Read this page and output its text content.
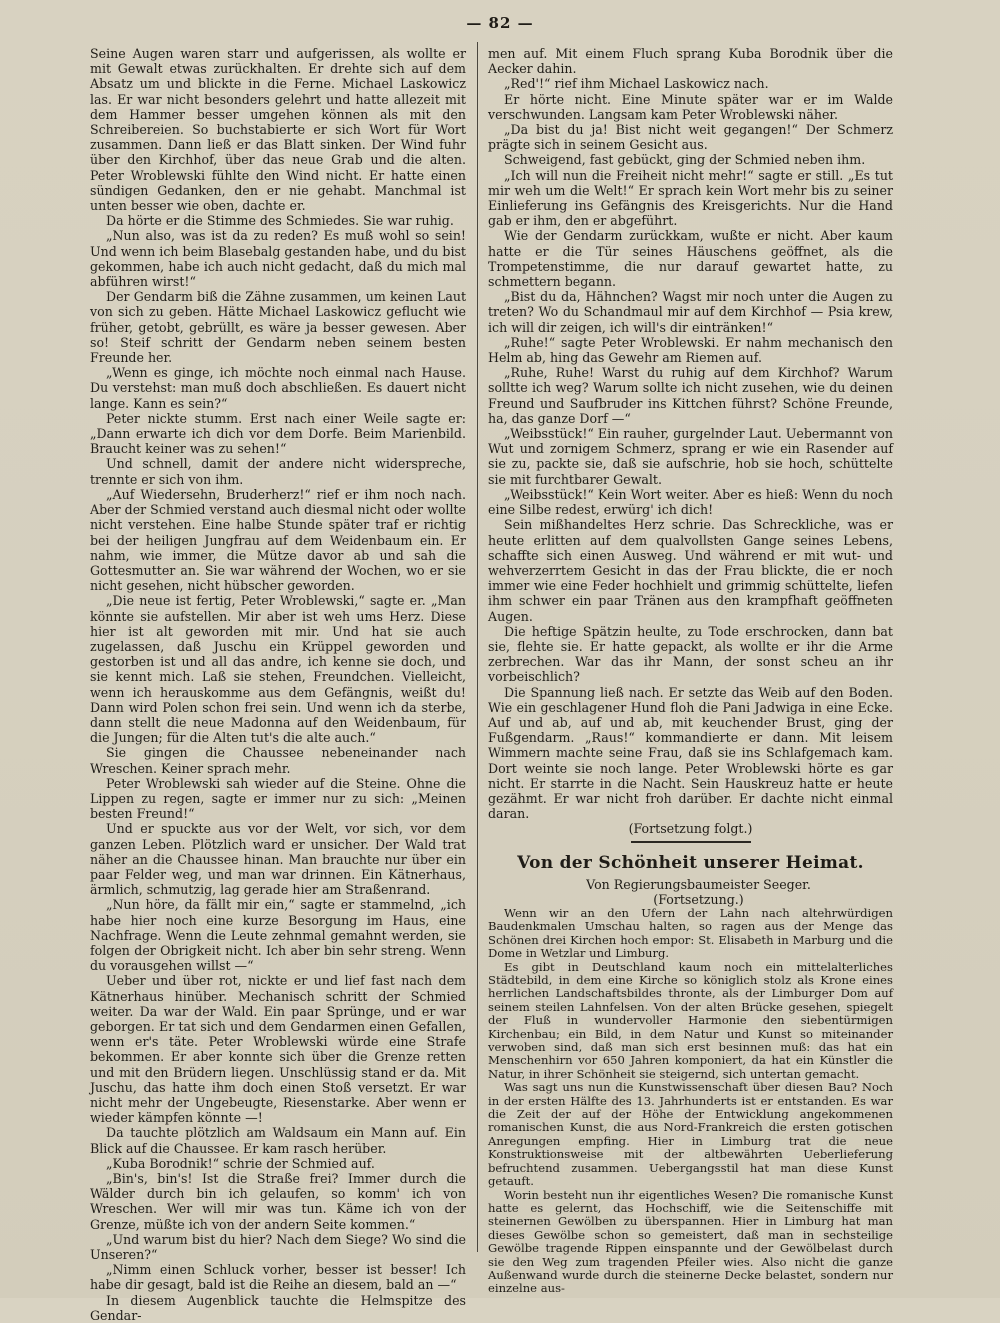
— 82 —

Seine Augen waren starr und aufgerissen, als wollte er mit Gewalt etwas zurückhalten. Er drehte sich auf dem Absatz um und blickte in die Ferne. Michael Laskowicz las. Er war nicht besonders gelehrt und hatte allezeit mit dem Hammer besser umgehen können als mit den Schreibereien. So buchstabierte er sich Wort für Wort zusammen. Dann ließ er das Blatt sinken. Der Wind fuhr über den Kirchhof, über das neue Grab und die alten. Peter Wroblewski fühlte den Wind nicht. Er hatte einen sündigen Gedanken, den er nie gehabt. Manchmal ist unten besser wie oben, dachte er.

Da hörte er die Stimme des Schmiedes. Sie war ruhig.

„Nun also, was ist da zu reden? Es muß wohl so sein! Und wenn ich beim Blasebalg gestanden habe, und du bist gekommen, habe ich auch nicht gedacht, daß du mich mal abführen wirst!“

Der Gendarm biß die Zähne zusammen, um keinen Laut von sich zu geben. Hätte Michael Laskowicz geflucht wie früher, getobt, gebrüllt, es wäre ja besser gewesen. Aber so! Steif schritt der Gendarm neben seinem besten Freunde her.

„Wenn es ginge, ich möchte noch einmal nach Hause. Du verstehst: man muß doch abschließen. Es dauert nicht lange. Kann es sein?“

Peter nickte stumm. Erst nach einer Weile sagte er: „Dann erwarte ich dich vor dem Dorfe. Beim Marienbild. Braucht keiner was zu sehen!“

Und schnell, damit der andere nicht widerspreche, trennte er sich von ihm.

„Auf Wiedersehn, Bruderherz!“ rief er ihm noch nach. Aber der Schmied verstand auch diesmal nicht oder wollte nicht verstehen. Eine halbe Stunde später traf er richtig bei der heiligen Jungfrau auf dem Weidenbaum ein. Er nahm, wie immer, die Mütze davor ab und sah die Gottesmutter an. Sie war während der Wochen, wo er sie nicht gesehen, nicht hübscher geworden.

„Die neue ist fertig, Peter Wroblewski,“ sagte er. „Man könnte sie aufstellen. Mir aber ist weh ums Herz. Diese hier ist alt geworden mit mir. Und hat sie auch zugelassen, daß Juschu ein Krüppel geworden und gestorben ist und all das andre, ich kenne sie doch, und sie kennt mich. Laß sie stehen, Freundchen. Vielleicht, wenn ich herauskomme aus dem Gefängnis, weißt du! Dann wird Polen schon frei sein. Und wenn ich da sterbe, dann stellt die neue Madonna auf den Weidenbaum, für die Jungen; für die Alten tut's die alte auch.“

Sie gingen die Chaussee nebeneinander nach Wreschen. Keiner sprach mehr.

Peter Wroblewski sah wieder auf die Steine. Ohne die Lippen zu regen, sagte er immer nur zu sich: „Meinen besten Freund!“

Und er spuckte aus vor der Welt, vor sich, vor dem ganzen Leben. Plötzlich ward er unsicher. Der Wald trat näher an die Chaussee hinan. Man brauchte nur über ein paar Felder weg, und man war drinnen. Ein Kätnerhaus, ärmlich, schmutzig, lag gerade hier am Straßenrand.

„Nun höre, da fällt mir ein,“ sagte er stammelnd, „ich habe hier noch eine kurze Besorgung im Haus, eine Nachfrage. Wenn die Leute zehnmal gemahnt werden, sie folgen der Obrigkeit nicht. Ich aber bin sehr streng. Wenn du vorausgehen willst —“

Ueber und über rot, nickte er und lief fast nach dem Kätnerhaus hinüber. Mechanisch schritt der Schmied weiter. Da war der Wald. Ein paar Sprünge, und er war geborgen. Er tat sich und dem Gendarmen einen Gefallen, wenn er's täte. Peter Wroblewski würde eine Strafe bekommen. Er aber konnte sich über die Grenze retten und mit den Brüdern liegen. Unschlüssig stand er da. Mit Juschu, das hatte ihm doch einen Stoß versetzt. Er war nicht mehr der Ungebeugte, Riesenstarke. Aber wenn er wieder kämpfen könnte —!

Da tauchte plötzlich am Waldsaum ein Mann auf. Ein Blick auf die Chaussee. Er kam rasch herüber.

„Kuba Borodnik!“ schrie der Schmied auf.

„Bin's, bin's! Ist die Straße frei? Immer durch die Wälder durch bin ich gelaufen, so komm' ich von Wreschen. Wer will mir was tun. Käme ich von der Grenze, müßte ich von der andern Seite kommen.“

„Und warum bist du hier? Nach dem Siege? Wo sind die Unseren?“

„Nimm einen Schluck vorher, besser ist besser! Ich habe dir gesagt, bald ist die Reihe an diesem, bald an —“

In diesem Augenblick tauchte die Helmspitze des Gendar-

men auf. Mit einem Fluch sprang Kuba Borodnik über die Aecker dahin.

„Red'!“ rief ihm Michael Laskowicz nach.

Er hörte nicht. Eine Minute später war er im Walde verschwunden. Langsam kam Peter Wroblewski näher.

„Da bist du ja! Bist nicht weit gegangen!“ Der Schmerz prägte sich in seinem Gesicht aus.

Schweigend, fast gebückt, ging der Schmied neben ihm.

„Ich will nun die Freiheit nicht mehr!“ sagte er still. „Es tut mir weh um die Welt!“ Er sprach kein Wort mehr bis zu seiner Einlieferung ins Gefängnis des Kreisgerichts. Nur die Hand gab er ihm, den er abgeführt.

Wie der Gendarm zurückkam, wußte er nicht. Aber kaum hatte er die Tür seines Häuschens geöffnet, als die Trompetenstimme, die nur darauf gewartet hatte, zu schmettern begann.

„Bist du da, Hähnchen? Wagst mir noch unter die Augen zu treten? Wo du Schandmaul mir auf dem Kirchhof — Psia krew, ich will dir zeigen, ich will's dir eintränken!“

„Ruhe!“ sagte Peter Wroblewski. Er nahm mechanisch den Helm ab, hing das Gewehr am Riemen auf.

„Ruhe, Ruhe! Warst du ruhig auf dem Kirchhof? Warum solltte ich weg? Warum sollte ich nicht zusehen, wie du deinen Freund und Saufbruder ins Kittchen führst? Schöne Freunde, ha, das ganze Dorf —“

„Weibsstück!“ Ein rauher, gurgelnder Laut. Uebermannt von Wut und zornigem Schmerz, sprang er wie ein Rasender auf sie zu, packte sie, daß sie aufschrie, hob sie hoch, schüttelte sie mit furchtbarer Gewalt.

„Weibsstück!“ Kein Wort weiter. Aber es hieß: Wenn du noch eine Silbe redest, erwürg' ich dich!

Sein mißhandeltes Herz schrie. Das Schreckliche, was er heute erlitten auf dem qualvollsten Gange seines Lebens, schaffte sich einen Ausweg. Und während er mit wut- und wehverzerrtem Gesicht in das der Frau blickte, die er noch immer wie eine Feder hochhielt und grimmig schüttelte, liefen ihm schwer ein paar Tränen aus den krampfhaft geöffneten Augen.

Die heftige Spätzin heulte, zu Tode erschrocken, dann bat sie, flehte sie. Er hatte gepackt, als wollte er ihr die Arme zerbrechen. War das ihr Mann, der sonst scheu an ihr vorbeischlich?

Die Spannung ließ nach. Er setzte das Weib auf den Boden. Wie ein geschlagener Hund floh die Pani Jadwiga in eine Ecke. Auf und ab, auf und ab, mit keuchender Brust, ging der Fußgendarm. „Raus!“ kommandierte er dann. Mit leisem Wimmern machte seine Frau, daß sie ins Schlafgemach kam. Dort weinte sie noch lange. Peter Wroblewski hörte es gar nicht. Er starrte in die Nacht. Sein Hauskreuz hatte er heute gezähmt. Er war nicht froh darüber. Er dachte nicht einmal daran.

(Fortsetzung folgt.)

Von der Schönheit unserer Heimat.

Von Regierungsbaumeister Seeger.

(Fortsetzung.)

Wenn wir an den Ufern der Lahn nach altehrwürdigen Baudenkmalen Umschau halten, so ragen aus der Menge das Schönen drei Kirchen hoch empor: St. Elisabeth in Marburg und die Dome in Wetzlar und Limburg.

Es gibt in Deutschland kaum noch ein mittelalterliches Städtebild, in dem eine Kirche so königlich stolz als Krone eines herrlichen Landschaftsbildes thronte, als der Limburger Dom auf seinem steilen Lahnfelsen. Von der alten Brücke gesehen, spiegelt der Fluß in wundervoller Harmonie den siebentürmigen Kirchenbau; ein Bild, in dem Natur und Kunst so miteinander verwoben sind, daß man sich erst besinnen muß: das hat ein Menschenhirn vor 650 Jahren komponiert, da hat ein Künstler die Natur, in ihrer Schönheit sie steigernd, sich untertan gemacht.

Was sagt uns nun die Kunstwissenschaft über diesen Bau? Noch in der ersten Hälfte des 13. Jahrhunderts ist er entstanden. Es war die Zeit der auf der Höhe der Entwicklung angekommenen romanischen Kunst, die aus Nord-Frankreich die ersten gotischen Anregungen empfing. Hier in Limburg trat die neue Konstruktionsweise mit der altbewährten Ueberlieferung befruchtend zusammen. Uebergangsstil hat man diese Kunst getauft.

Worin besteht nun ihr eigentliches Wesen? Die romanische Kunst hatte es gelernt, das Hochschiff, wie die Seitenschiffe mit steinernen Gewölben zu überspannen. Hier in Limburg hat man dieses Gewölbe schon so gemeistert, daß man in sechsteilige Gewölbe tragende Rippen einspannte und der Gewölbelast durch sie den Weg zum tragenden Pfeiler wies. Also nicht die ganze Außenwand wurde durch die steinerne Decke belastet, sondern nur einzelne aus-
